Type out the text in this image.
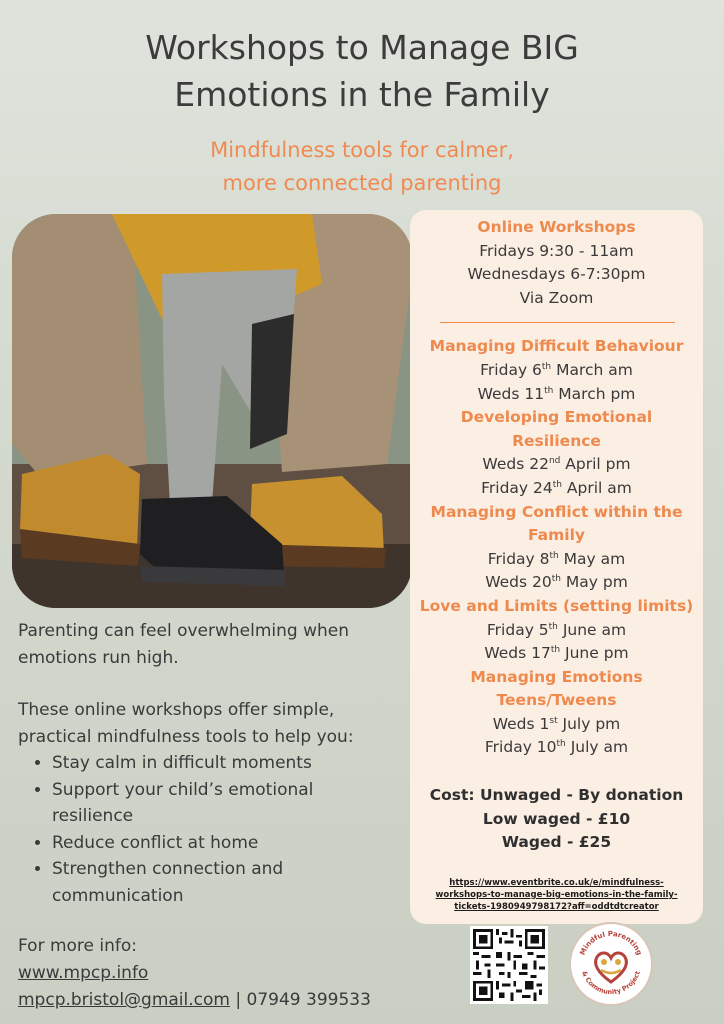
Workshops to Manage BIG
Emotions in the Family
Mindfulness tools for calmer,
more connected parenting
Online Workshops
Fridays 9:30 - 11am
Wednesdays 6-7:30pm
Via Zoom
Managing Difficult Behaviour
Friday 6th March am
Weds 11th March pm
Developing Emotional
Resilience
Weds 22nd April pm
Friday 24th April am
Managing Conflict within the
Family
Friday 8th May am
Weds 20th May pm
Love and Limits (setting limits)
Friday 5th June am
Weds 17th June pm
Managing Emotions
Teens/Tweens
Weds 1st July pm
Friday 10th July am
Cost: Unwaged - By donation
Low waged - £10
Waged - £25
https://www.eventbrite.co.uk/e/mindfulness-
workshops-to-manage-big-emotions-in-the-family-
tickets-1980949798172?aff=oddtdtcreator

Parenting can feel overwhelming when

emotions run high.

These online workshops offer simple,

practical mindfulness tools to help you:

• Stay calm in difficult moments
• Support your child’s emotional
resilience
• Reduce conflict at home
• Strengthen connection and
communication
For more info:
www.mpcp.info
mpcp.bristol@gmail.com | 07949 399533
Mindful Parenting
& Community Project
